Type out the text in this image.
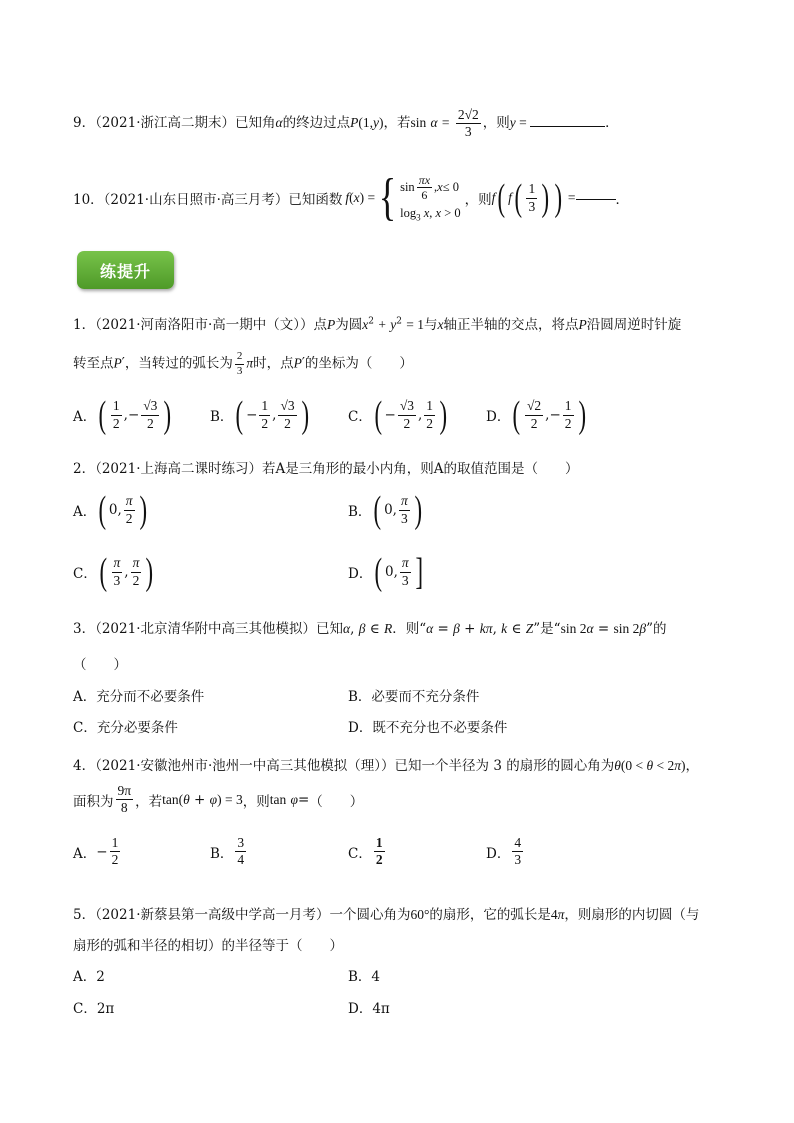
9．（2021·浙江高二期末）已知角α的终边过点P(1,y)，若$\sin \alpha = \frac{2√2}{3}$ ，则y =	．
10．（2021·山东日照市·高三月考）已知函数 f ( x ) = { $\sin \frac{\pi x}{6}$ , x ≤ 0
$\log_3 x$, x > 0
，则 f ( f ( $\frac{1}{3}$ ) ) =	．
练提升
1．（2021·河南洛阳市·高一期中（文））点P为圆$x^2 + y^2 = 1$与x轴正半轴的交点，将点P沿圆周逆时针旋
转至点P′，当转过的弧长为 $\frac{2}{3}$ π时，点P′的坐标为（　　）
A． ( $\frac{1}{2}$ ,− $\frac{√3}{2}$ )	B． ( − $\frac{1}{2}$ , $\frac{√3}{2}$ )	C． ( − $\frac{√3}{2}$ , $\frac{1}{2}$ )	D． ( $\frac{√2}{2}$ ,− $\frac{1}{2}$ )
2．（2021·上海高二课时练习）若A是三角形的最小内角，则A的取值范围是（　　）
A． ( 0, $\frac{\pi}{2}$ )	B． ( 0, $\frac{\pi}{3}$ )
C． ( $\frac{\pi}{3}$ , $\frac{\pi}{2}$ )	D． ( 0, $\frac{\pi}{3}$ ]
3．（2021·北京清华附中高三其他模拟）已知α, β ∈ R．则“α = β + kπ, k ∈ Z”是“sin 2α = sin 2β”的
（　　）
A．充分而不必要条件	B．必要而不充分条件
C．充分必要条件	D．既不充分也不必要条件
4．（2021·安徽池州市·池州一中高三其他模拟（理））已知一个半径为 3 的扇形的圆心角为θ(0 < θ < 2π)，
面积为 $\frac{9\pi}{8}$ ，若 tan( θ + φ ) = 3 ，则 tan
φ = （　　）
A． − $\frac{1}{2}$	B． $\frac{3}{4}$	C． $\frac{1}{2}$	D． $\frac{4}{3}$
5．（2021·新蔡县第一高级中学高一月考）一个圆心角为60°的扇形，它的弧长是4π，则扇形的内切圆（与
扇形的弧和半径的相切）的半径等于（　　）
A．2	B．4
C．2π	D．4π
